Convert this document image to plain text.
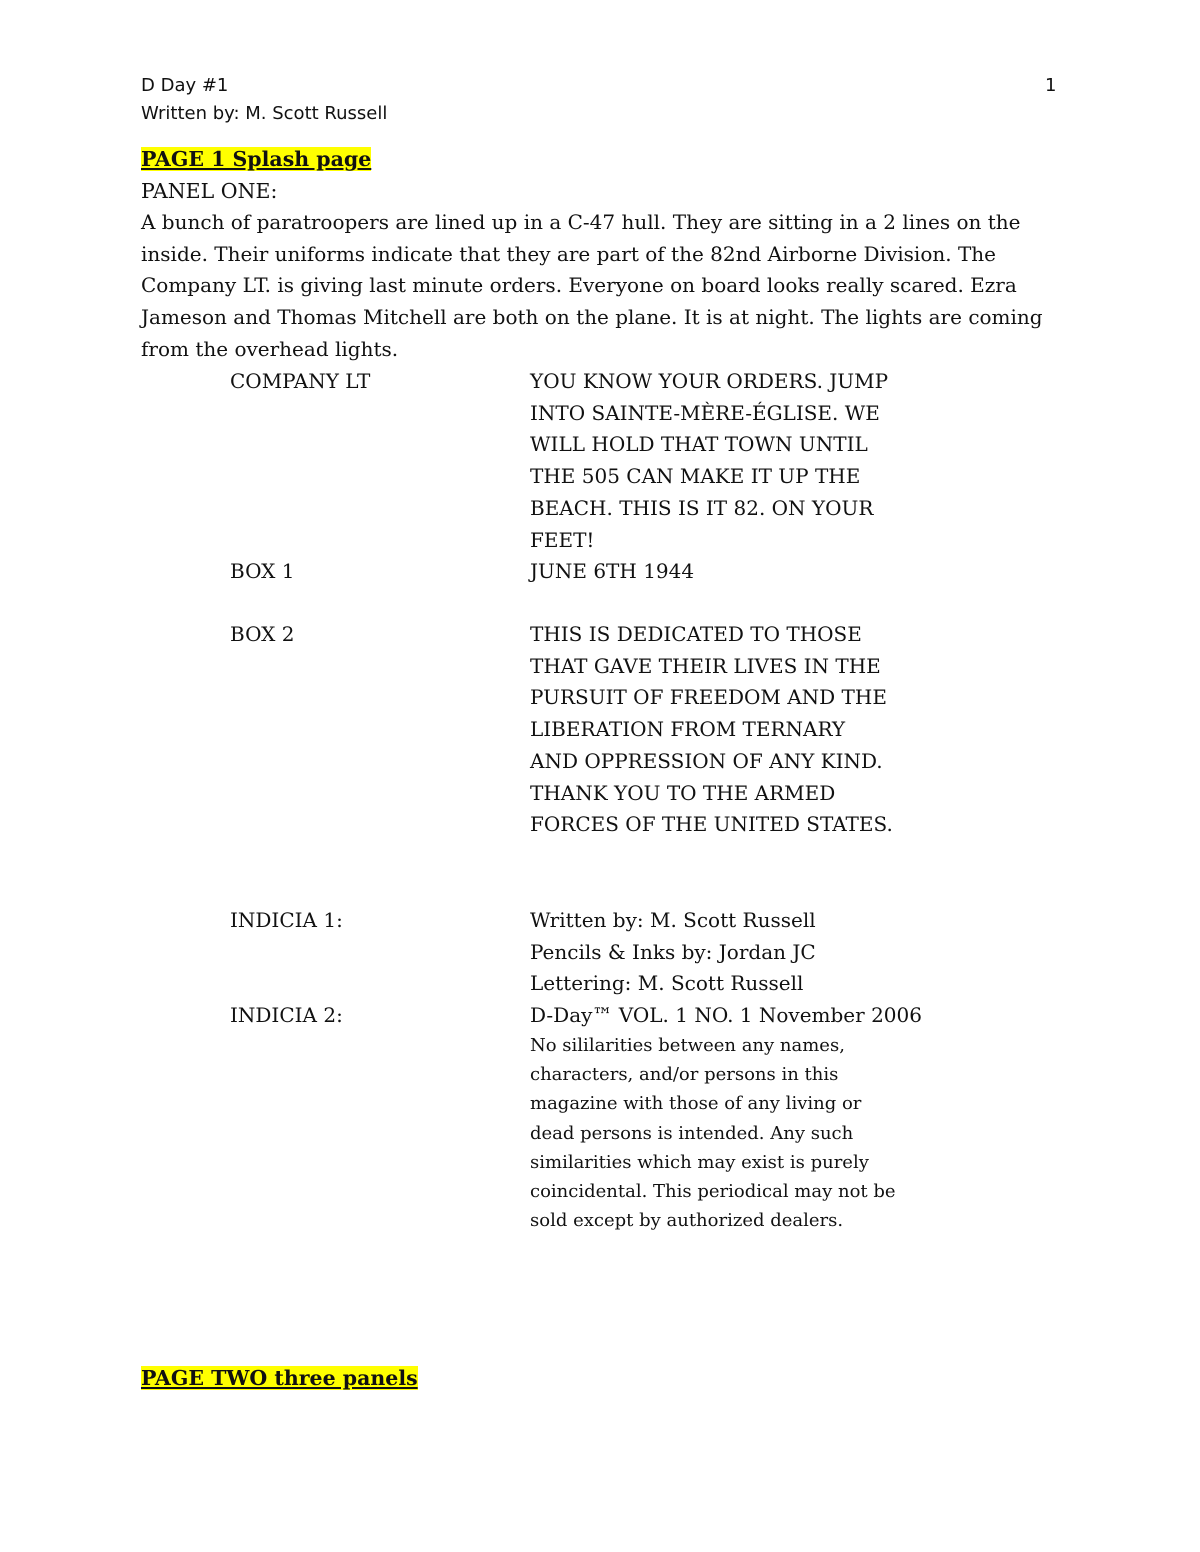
D Day #1
Written by: M. Scott Russell
1
PAGE 1 Splash page
PANEL ONE:
A bunch of paratroopers are lined up in a C-47 hull. They are sitting in a 2 lines on the inside. Their uniforms indicate that they are part of the 82nd Airborne Division. The Company LT. is giving last minute orders. Everyone on board looks really scared. Ezra Jameson and Thomas Mitchell are both on the plane. It is at night. The lights are coming from the overhead lights.
COMPANY LT	YOU KNOW YOUR ORDERS. JUMP
INTO SAINTE-MÈRE-ÉGLISE. WE
WILL HOLD THAT TOWN UNTIL
THE 505 CAN MAKE IT UP THE
BEACH. THIS IS IT 82. ON YOUR
FEET!
BOX 1	JUNE 6TH 1944
BOX 2	THIS IS DEDICATED TO THOSE
THAT GAVE THEIR LIVES IN THE
PURSUIT OF FREEDOM AND THE
LIBERATION FROM TERNARY
AND OPPRESSION OF ANY KIND.
THANK YOU TO THE ARMED
FORCES OF THE UNITED STATES.
INDICIA 1:	Written by: M. Scott Russell
Pencils & Inks by: Jordan JC
Lettering: M. Scott Russell
INDICIA 2:	D-Day™ VOL. 1 NO. 1 November 2006
No sililarities between any names,
characters, and/or persons in this
magazine with those of any living or
dead persons is intended. Any such
similarities which may exist is purely
coincidental. This periodical may not be
sold except by authorized dealers.
PAGE TWO three panels
